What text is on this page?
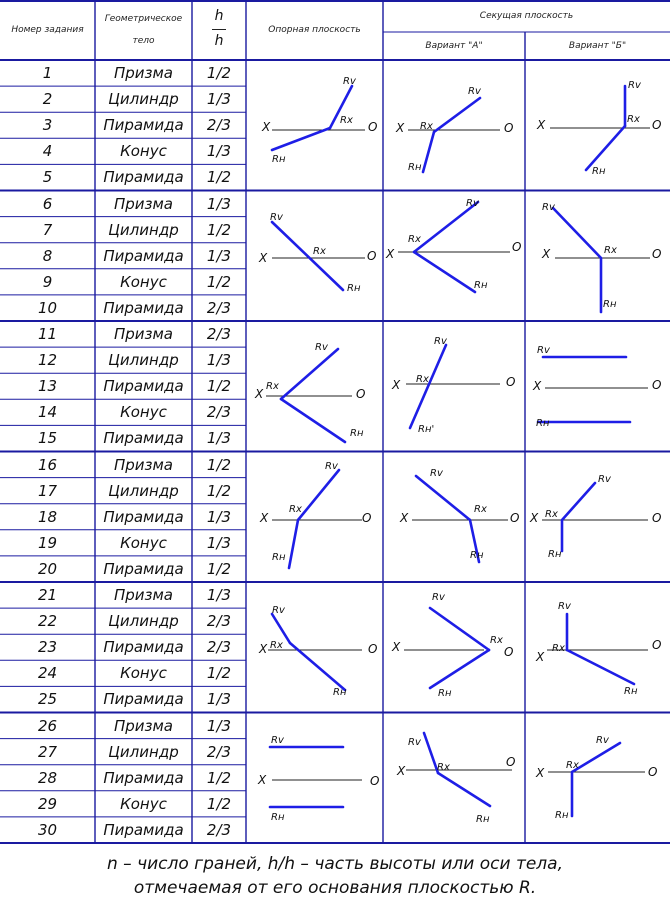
X	O
Rv
Rx
Rн
X	O
Rv
Rx
Rн
X	O
Rv
Rx
Rн
X	O
Rv
Rx
Rн
X	O
Rv
Rx
Rн
X	O
Rv
Rx
Rн
X	O
Rv
Rx
Rн
X	O
Rv
Rx
Rн'
X	O
Rv
Rн
X	O
Rv
Rx
Rн
X	O
Rv
Rx
Rн
X	O
Rv
Rx
Rн
X	O
Rv
Rx
Rн
X	O
Rv
Rx
Rн
X
O
Rv
Rx
Rн
X	O
Rv
Rн
X
O
Rv
Rx
Rн
X	O
Rv
Rx
Rн
Номер задания
Геометрическое тело
h
h
Опорная плоскость
Секущая плоскость
Вариант "А"	Вариант "Б"
1	Призма	1/2
2	Цилиндр	1/3
3	Пирамида	2/3
4	Конус	1/3
5	Пирамида	1/2
6	Призма	1/3
7	Цилиндр	1/2
8	Пирамида	1/3
9	Конус	1/2
10	Пирамида	2/3
11	Призма	2/3
12	Цилиндр	1/3
13	Пирамида	1/2
14	Конус	2/3
15	Пирамида	1/3
16	Призма	1/2
17	Цилиндр	1/2
18	Пирамида	1/3
19	Конус	1/3
20	Пирамида	1/2
21	Призма	1/3
22	Цилиндр	2/3
23	Пирамида	2/3
24	Конус	1/2
25	Пирамида	1/3
26	Призма	1/3
27	Цилиндр	2/3
28	Пирамида	1/2
29	Конус	1/2
30	Пирамида	2/3
n – число граней, h/h – часть высоты или оси тела,
отмечаемая от его основания плоскостью R.
